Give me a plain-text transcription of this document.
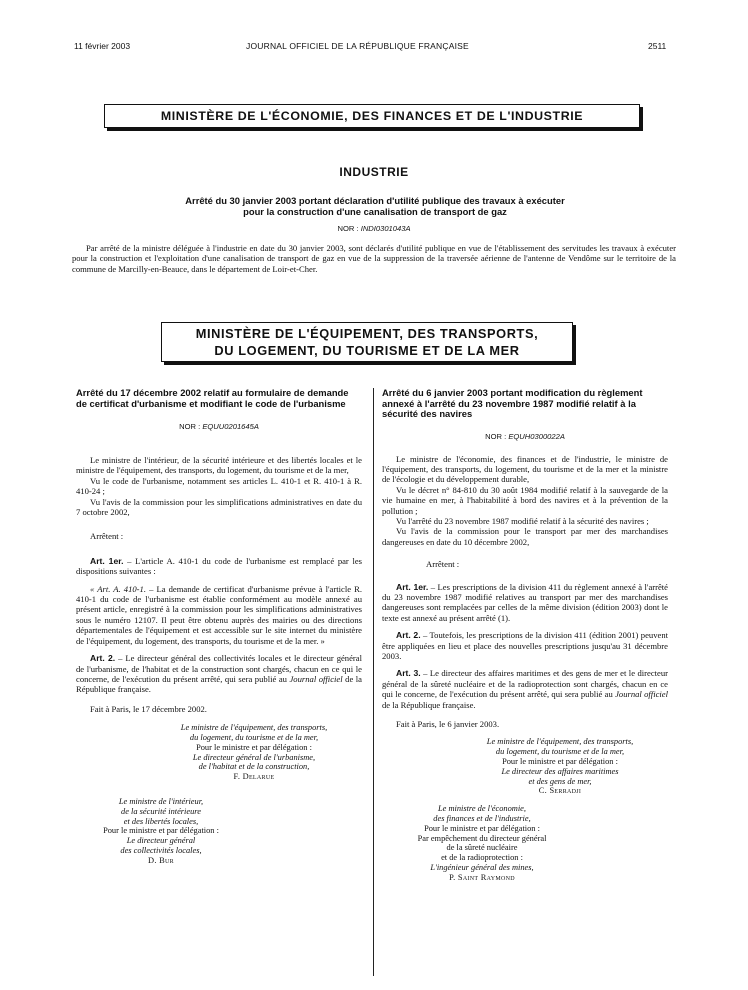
11 février 2003	JOURNAL OFFICIEL DE LA RÉPUBLIQUE FRANÇAISE	2511
MINISTÈRE DE L'ÉCONOMIE, DES FINANCES ET DE L'INDUSTRIE
INDUSTRIE
Arrêté du 30 janvier 2003 portant déclaration d'utilité publique des travaux à exécuter
pour la construction d'une canalisation de transport de gaz
NOR : INDI0301043A

Par arrêté de la ministre déléguée à l'industrie en date du 30 janvier 2003, sont déclarés d'utilité publique en vue de l'établissement des servitudes les travaux à exécuter pour la construction et l'exploitation d'une canalisation de transport de gaz en vue de la suppression de la traversée aérienne de l'antenne de Vendôme sur le territoire de la commune de Marcilly-en-Beauce, dans le département de Loir-et-Cher.

MINISTÈRE DE L'ÉQUIPEMENT, DES TRANSPORTS,
DU LOGEMENT, DU TOURISME ET DE LA MER
Arrêté du 17 décembre 2002 relatif au formulaire de demande de certificat d'urbanisme et modifiant le code de l'urbanisme
NOR : EQUU0201645A

Le ministre de l'intérieur, de la sécurité intérieure et des libertés locales et le ministre de l'équipement, des transports, du logement, du tourisme et de la mer,

Vu le code de l'urbanisme, notamment ses articles L. 410-1 et R. 410-1 à R. 410-24 ;

Vu l'avis de la commission pour les simplifications administratives en date du 7 octobre 2002,

Arrêtent :

Art. 1er. – L'article A. 410-1 du code de l'urbanisme est remplacé par les dispositions suivantes :

« Art. A. 410-1. – La demande de certificat d'urbanisme prévue à l'article R. 410-1 du code de l'urbanisme est établie conformément au modèle annexé au présent article, enregistré à la commission pour les simplifications administratives sous le numéro 12107. Il peut être obtenu auprès des mairies ou des directions départementales de l'équipement et est accessible sur le site internet du ministère de l'équipement, du logement, des transports, du tourisme et de la mer. »

Art. 2. – Le directeur général des collectivités locales et le directeur général de l'urbanisme, de l'habitat et de la construction sont chargés, chacun en ce qui le concerne, de l'exécution du présent arrêté, qui sera publié au Journal officiel de la République française.

Fait à Paris, le 17 décembre 2002.
Le ministre de l'équipement, des transports,
du logement, du tourisme et de la mer,
Pour le ministre et par délégation :
Le directeur général de l'urbanisme,
de l'habitat et de la construction,
F. Delarue
Le ministre de l'intérieur,
de la sécurité intérieure
et des libertés locales,
Pour le ministre et par délégation :
Le directeur général
des collectivités locales,
D. Bur
Arrêté du 6 janvier 2003 portant modification du règlement annexé à l'arrêté du 23 novembre 1987 modifié relatif à la sécurité des navires
NOR : EQUH0300022A

Le ministre de l'économie, des finances et de l'industrie, le ministre de l'équipement, des transports, du logement, du tourisme et de la mer et la ministre de l'écologie et du développement durable,

Vu le décret n° 84-810 du 30 août 1984 modifié relatif à la sauvegarde de la vie humaine en mer, à l'habitabilité à bord des navires et à la prévention de la pollution ;

Vu l'arrêté du 23 novembre 1987 modifié relatif à la sécurité des navires ;

Vu l'avis de la commission pour le transport par mer des marchandises dangereuses en date du 10 décembre 2002,

Arrêtent :

Art. 1er. – Les prescriptions de la division 411 du règlement annexé à l'arrêté du 23 novembre 1987 modifié relatives au transport par mer des marchandises dangereuses sont remplacées par celles de la même division (édition 2003) dont le texte est annexé au présent arrêté (1).

Art. 2. – Toutefois, les prescriptions de la division 411 (édition 2001) peuvent être appliquées en lieu et place des nouvelles prescriptions jusqu'au 31 décembre 2003.

Art. 3. – Le directeur des affaires maritimes et des gens de mer et le directeur général de la sûreté nucléaire et de la radioprotection sont chargés, chacun en ce qui le concerne, de l'exécution du présent arrêté, qui sera publié au Journal officiel de la République française.

Fait à Paris, le 6 janvier 2003.
Le ministre de l'équipement, des transports,
du logement, du tourisme et de la mer,
Pour le ministre et par délégation :
Le directeur des affaires maritimes
et des gens de mer,
C. Serradji
Le ministre de l'économie,
des finances et de l'industrie,
Pour le ministre et par délégation :
Par empêchement du directeur général
de la sûreté nucléaire
et de la radioprotection :
L'ingénieur général des mines,
P. Saint Raymond
